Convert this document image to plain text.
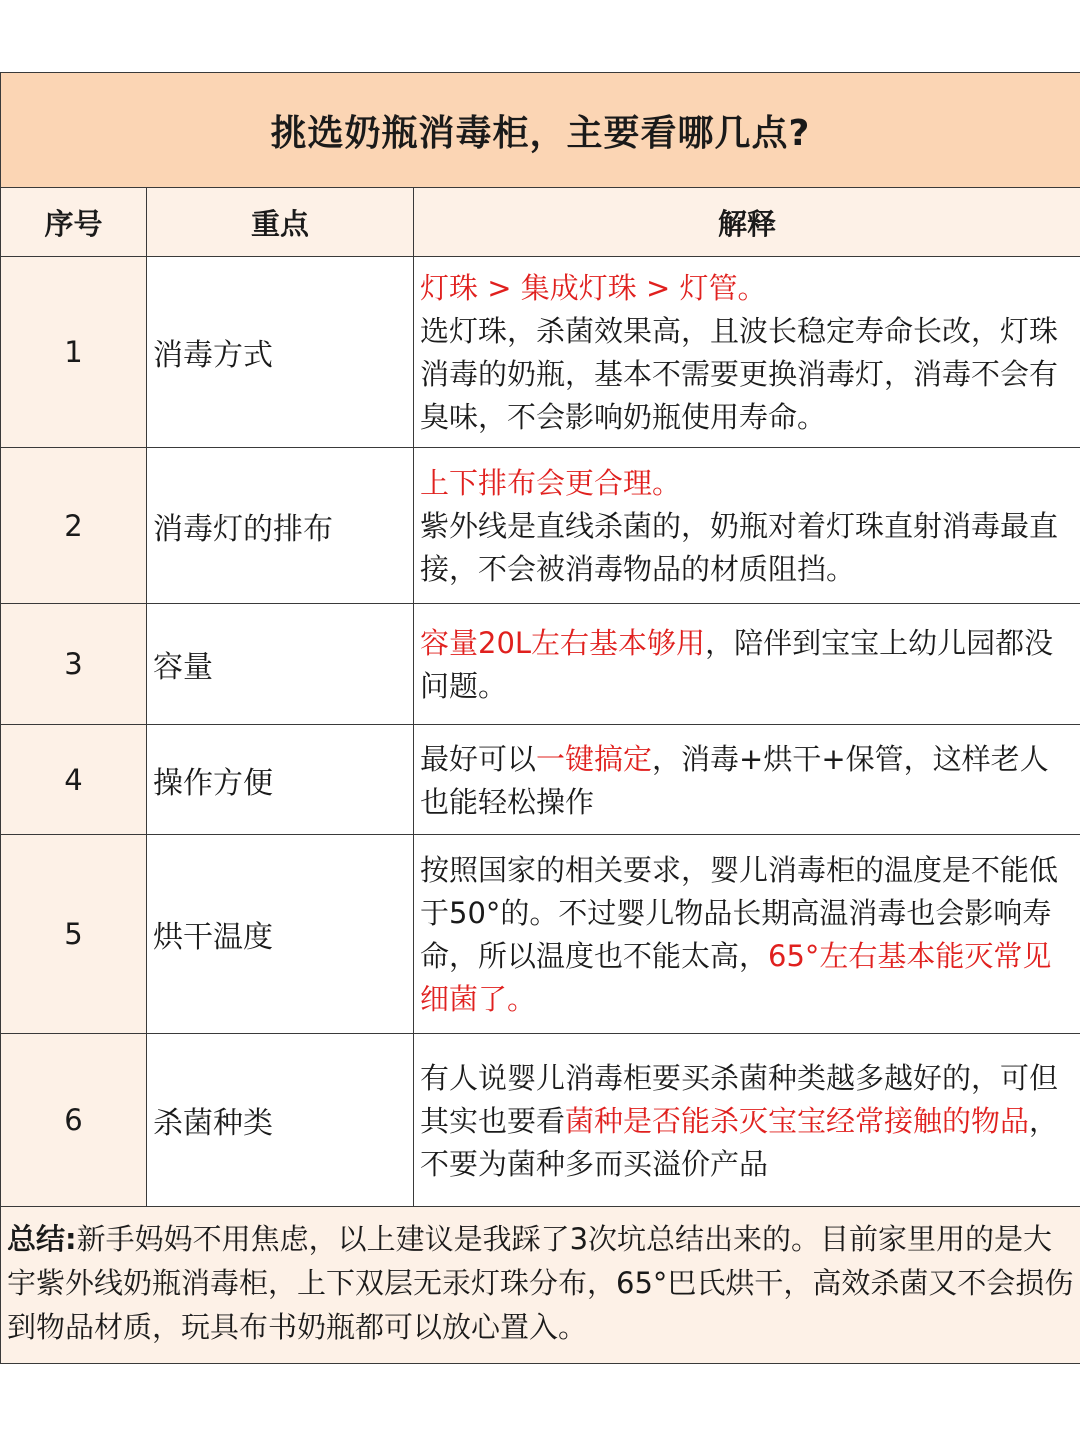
挑选奶瓶消毒柜，主要看哪几点?		
序号	重点	解释
1	消毒方式	灯珠 > 集成灯珠 > 灯管。
选灯珠，杀菌效果高，且波长稳定寿命长改，灯珠消毒的奶瓶，基本不需要更换消毒灯，消毒不会有臭味，不会影响奶瓶使用寿命。
2	消毒灯的排布	上下排布会更合理。
紫外线是直线杀菌的，奶瓶对着灯珠直射消毒最直接，不会被消毒物品的材质阻挡。
3	容量	容量20L左右基本够用，陪伴到宝宝上幼儿园都没问题。
4	操作方便	最好可以一键搞定，消毒+烘干+保管，这样老人也能轻松操作
5	烘干温度	按照国家的相关要求，婴儿消毒柜的温度是不能低于50°的。不过婴儿物品长期高温消毒也会影响寿命，所以温度也不能太高，65°左右基本能灭常见细菌了。
6	杀菌种类	有人说婴儿消毒柜要买杀菌种类越多越好的，可但其实也要看菌种是否能杀灭宝宝经常接触的物品，不要为菌种多而买溢价产品
总结:新手妈妈不用焦虑，以上建议是我踩了3次坑总结出来的。目前家里用的是大宇紫外线奶瓶消毒柜，上下双层无汞灯珠分布，65°巴氏烘干，高效杀菌又不会损伤到物品材质，玩具布书奶瓶都可以放心置入。		
